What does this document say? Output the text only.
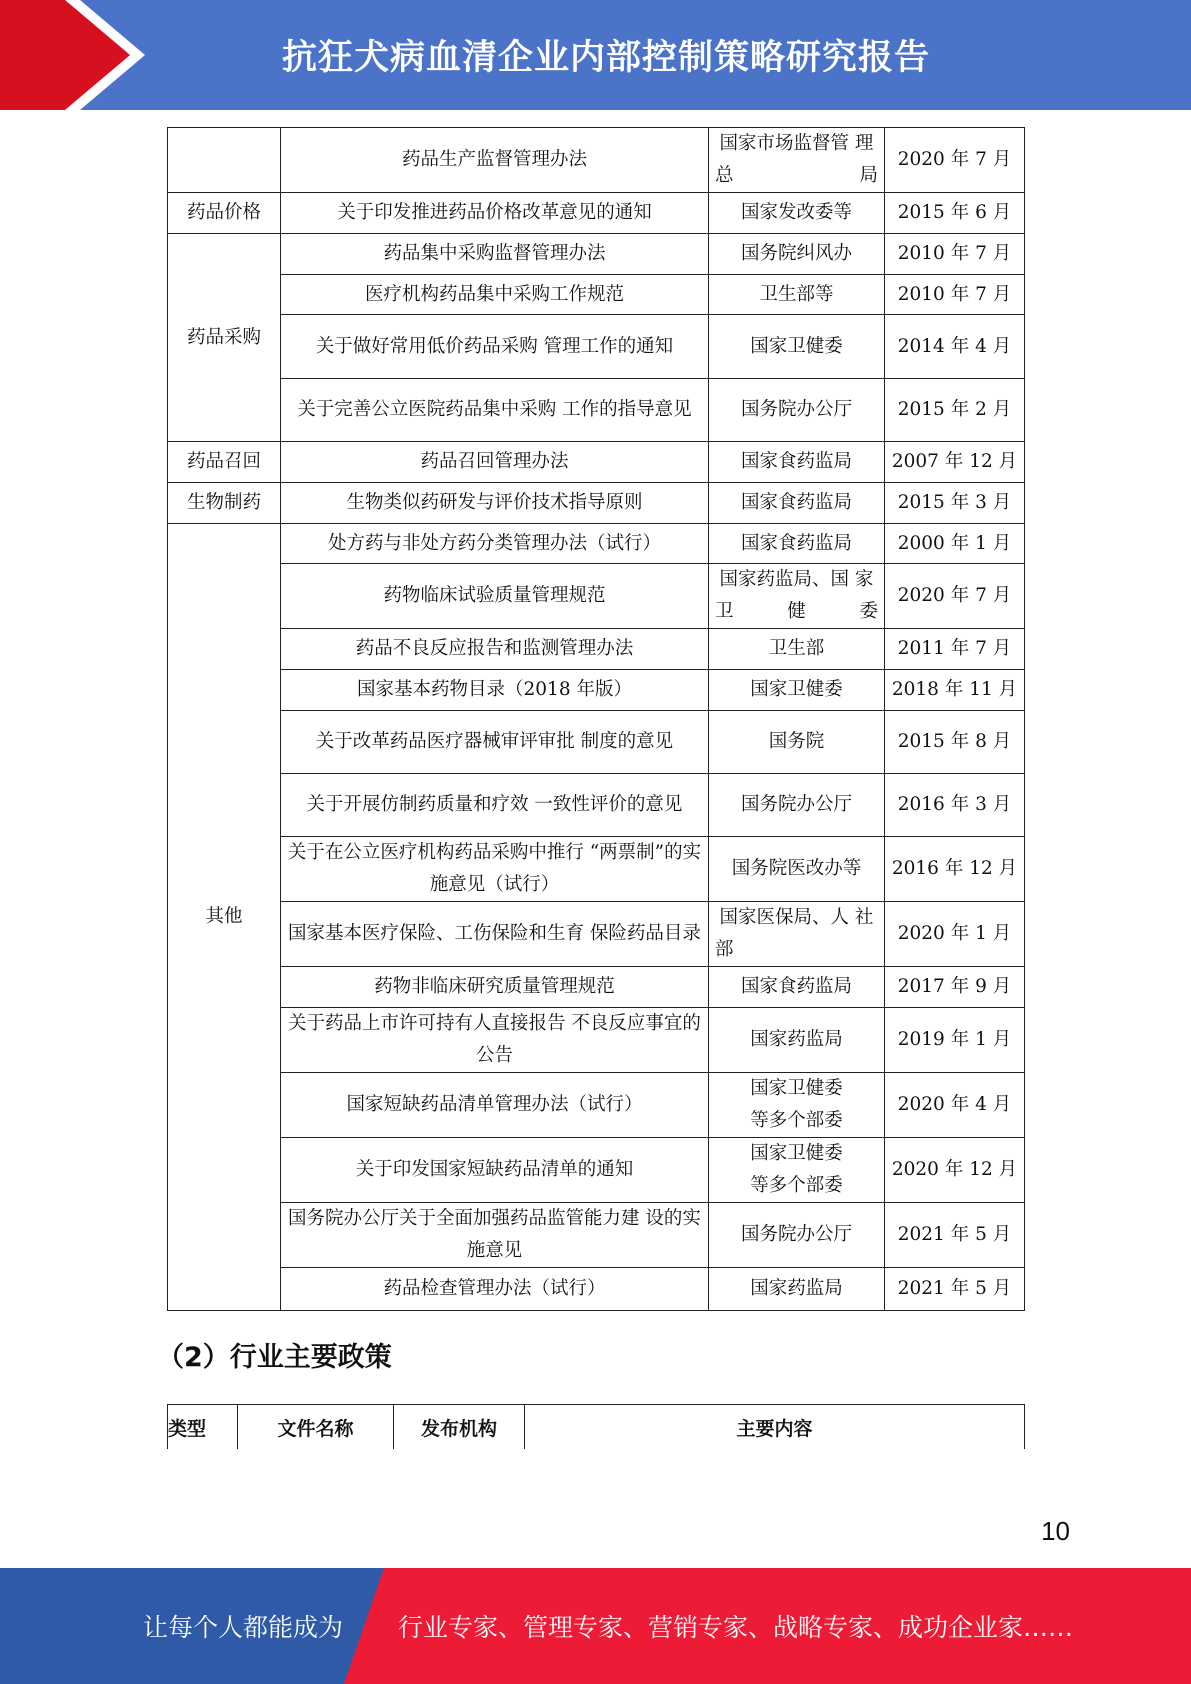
抗狂犬病血清企业内部控制策略研究报告
	药品生产监督管理办法	国家市场监督管 理总局	2020 年 7 月
药品价格	关于印发推进药品价格改革意见的通知	国家发改委等	2015 年 6 月
药品采购	药品集中采购监督管理办法	国务院纠风办	2010 年 7 月
	医疗机构药品集中采购工作规范	卫生部等	2010 年 7 月
	关于做好常用低价药品采购 管理工作的通知	国家卫健委	2014 年 4 月
	关于完善公立医院药品集中采购 工作的指导意见	国务院办公厅	2015 年 2 月
药品召回	药品召回管理办法	国家食药监局	2007 年 12 月
生物制药	生物类似药研发与评价技术指导原则	国家食药监局	2015 年 3 月
其他	处方药与非处方药分类管理办法（试行）	国家食药监局	2000 年 1 月
	药物临床试验质量管理规范	国家药监局、国 家卫健委	2020 年 7 月
	药品不良反应报告和监测管理办法	卫生部	2011 年 7 月
	国家基本药物目录（2018 年版）	国家卫健委	2018 年 11 月
	关于改革药品医疗器械审评审批 制度的意见	国务院	2015 年 8 月
	关于开展仿制药质量和疗效 一致性评价的意见	国务院办公厅	2016 年 3 月
	关于在公立医疗机构药品采购中推行 “两票制”的实施意见（试行）	国务院医改办等	2016 年 12 月
	国家基本医疗保险、工伤保险和生育 保险药品目录	国家医保局、人 社部	2020 年 1 月
	药物非临床研究质量管理规范	国家食药监局	2017 年 9 月
	关于药品上市许可持有人直接报告 不良反应事宜的公告	国家药监局	2019 年 1 月
	国家短缺药品清单管理办法（试行）	国家卫健委 等多个部委	2020 年 4 月
	关于印发国家短缺药品清单的通知	国家卫健委 等多个部委	2020 年 12 月
	国务院办公厅关于全面加强药品监管能力建 设的实施意见	国务院办公厅	2021 年 5 月
	药品检查管理办法（试行）	国家药监局	2021 年 5 月
（2）行业主要政策
类型	文件名称	发布机构	主要内容
10
让每个人都能成为 行业专家、管理专家、营销专家、战略专家、成功企业家……
